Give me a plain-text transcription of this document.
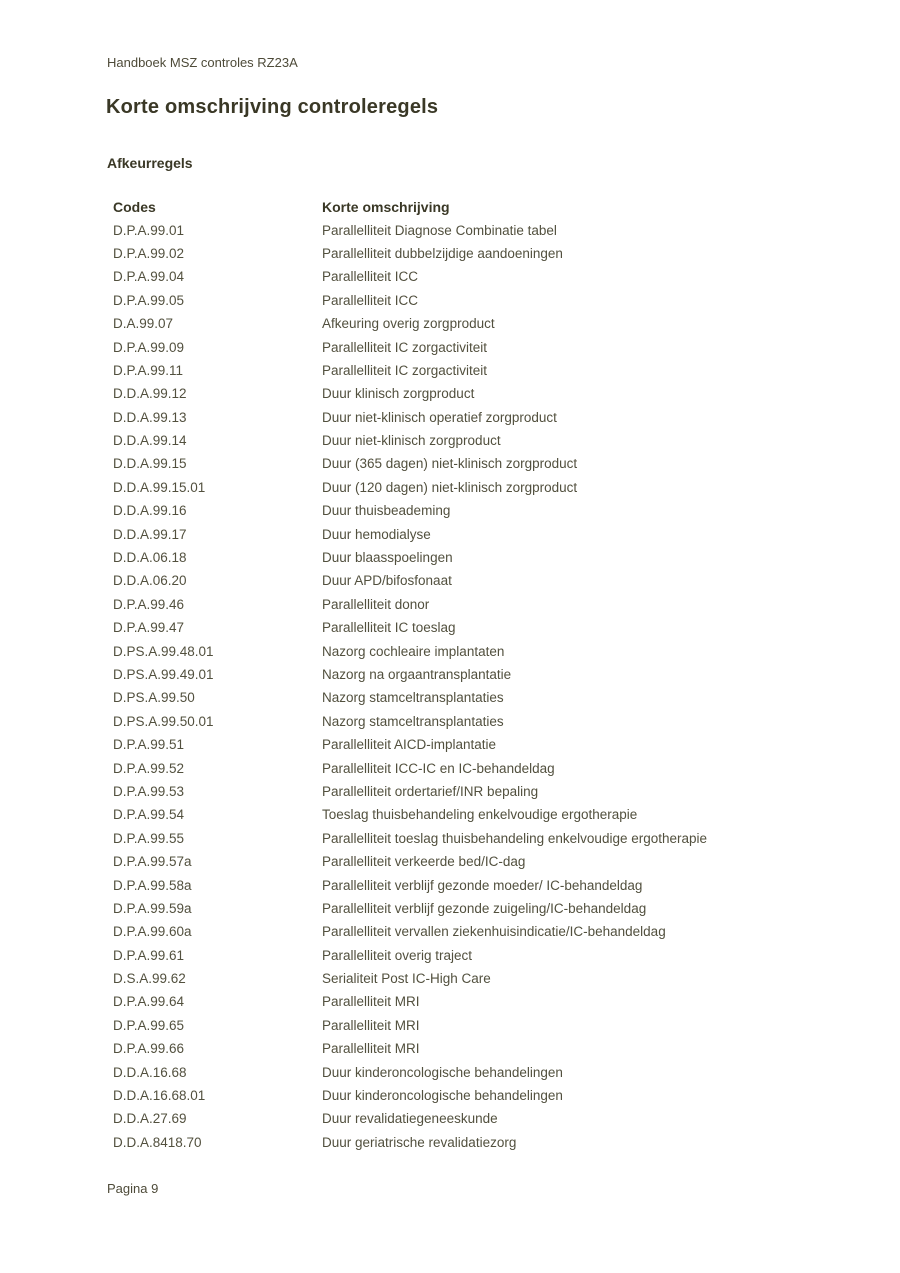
Handboek MSZ controles RZ23A
Korte omschrijving controleregels
Afkeurregels
Codes	Korte omschrijving
D.P.A.99.01	Parallelliteit Diagnose Combinatie tabel
D.P.A.99.02	Parallelliteit dubbelzijdige aandoeningen
D.P.A.99.04	Parallelliteit ICC
D.P.A.99.05	Parallelliteit ICC
D.A.99.07	Afkeuring overig zorgproduct
D.P.A.99.09	Parallelliteit IC zorgactiviteit
D.P.A.99.11	Parallelliteit IC zorgactiviteit
D.D.A.99.12	Duur klinisch zorgproduct
D.D.A.99.13	Duur niet-klinisch operatief zorgproduct
D.D.A.99.14	Duur niet-klinisch zorgproduct
D.D.A.99.15	Duur (365 dagen) niet-klinisch zorgproduct
D.D.A.99.15.01	Duur (120 dagen) niet-klinisch zorgproduct
D.D.A.99.16	Duur thuisbeademing
D.D.A.99.17	Duur hemodialyse
D.D.A.06.18	Duur blaasspoelingen
D.D.A.06.20	Duur APD/bifosfonaat
D.P.A.99.46	Parallelliteit donor
D.P.A.99.47	Parallelliteit IC toeslag
D.PS.A.99.48.01	Nazorg cochleaire implantaten
D.PS.A.99.49.01	Nazorg na orgaantransplantatie
D.PS.A.99.50	Nazorg stamceltransplantaties
D.PS.A.99.50.01	Nazorg stamceltransplantaties
D.P.A.99.51	Parallelliteit AICD-implantatie
D.P.A.99.52	Parallelliteit ICC-IC en IC-behandeldag
D.P.A.99.53	Parallelliteit ordertarief/INR bepaling
D.P.A.99.54	Toeslag thuisbehandeling enkelvoudige ergotherapie
D.P.A.99.55	Parallelliteit toeslag thuisbehandeling enkelvoudige ergotherapie
D.P.A.99.57a	Parallelliteit verkeerde bed/IC-dag
D.P.A.99.58a	Parallelliteit verblijf gezonde moeder/ IC-behandeldag
D.P.A.99.59a	Parallelliteit verblijf gezonde zuigeling/IC-behandeldag
D.P.A.99.60a	Parallelliteit vervallen ziekenhuisindicatie/IC-behandeldag
D.P.A.99.61	Parallelliteit overig traject
D.S.A.99.62	Serialiteit Post IC-High Care
D.P.A.99.64	Parallelliteit MRI
D.P.A.99.65	Parallelliteit MRI
D.P.A.99.66	Parallelliteit MRI
D.D.A.16.68	Duur kinderoncologische behandelingen
D.D.A.16.68.01	Duur kinderoncologische behandelingen
D.D.A.27.69	Duur revalidatiegeneeskunde
D.D.A.8418.70	Duur geriatrische revalidatiezorg
Pagina 9
